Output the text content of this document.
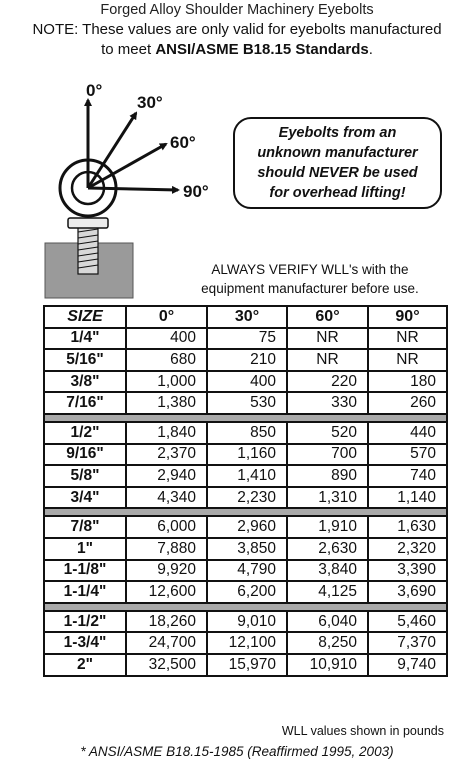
Forged Alloy Shoulder Machinery Eyebolts
NOTE: These values are only valid for eyebolts manufactured
to meet ANSI/ASME B18.15 Standards.
0°
30°
60°
90°
Eyebolts from an
unknown manufacturer
should NEVER be used
for overhead lifting!
ALWAYS VERIFY WLL's with the
equipment manufacturer before use.
SIZE	0°	30°	60°	90°
1/4"	400	75	NR	NR
5/16"	680	210	NR	NR
3/8"	1,000	400	220	180
7/16"	1,380	530	330	260

1/2"	1,840	850	520	440
9/16"	2,370	1,160	700	570
5/8"	2,940	1,410	890	740
3/4"	4,340	2,230	1,310	1,140

7/8"	6,000	2,960	1,910	1,630
1"	7,880	3,850	2,630	2,320
1-1/8"	9,920	4,790	3,840	3,390
1-1/4"	12,600	6,200	4,125	3,690

1-1/2"	18,260	9,010	6,040	5,460
1-3/4"	24,700	12,100	8,250	7,370
2"	32,500	15,970	10,910	9,740
WLL values shown in pounds
* ANSI/ASME B18.15-1985 (Reaffirmed 1995, 2003)
